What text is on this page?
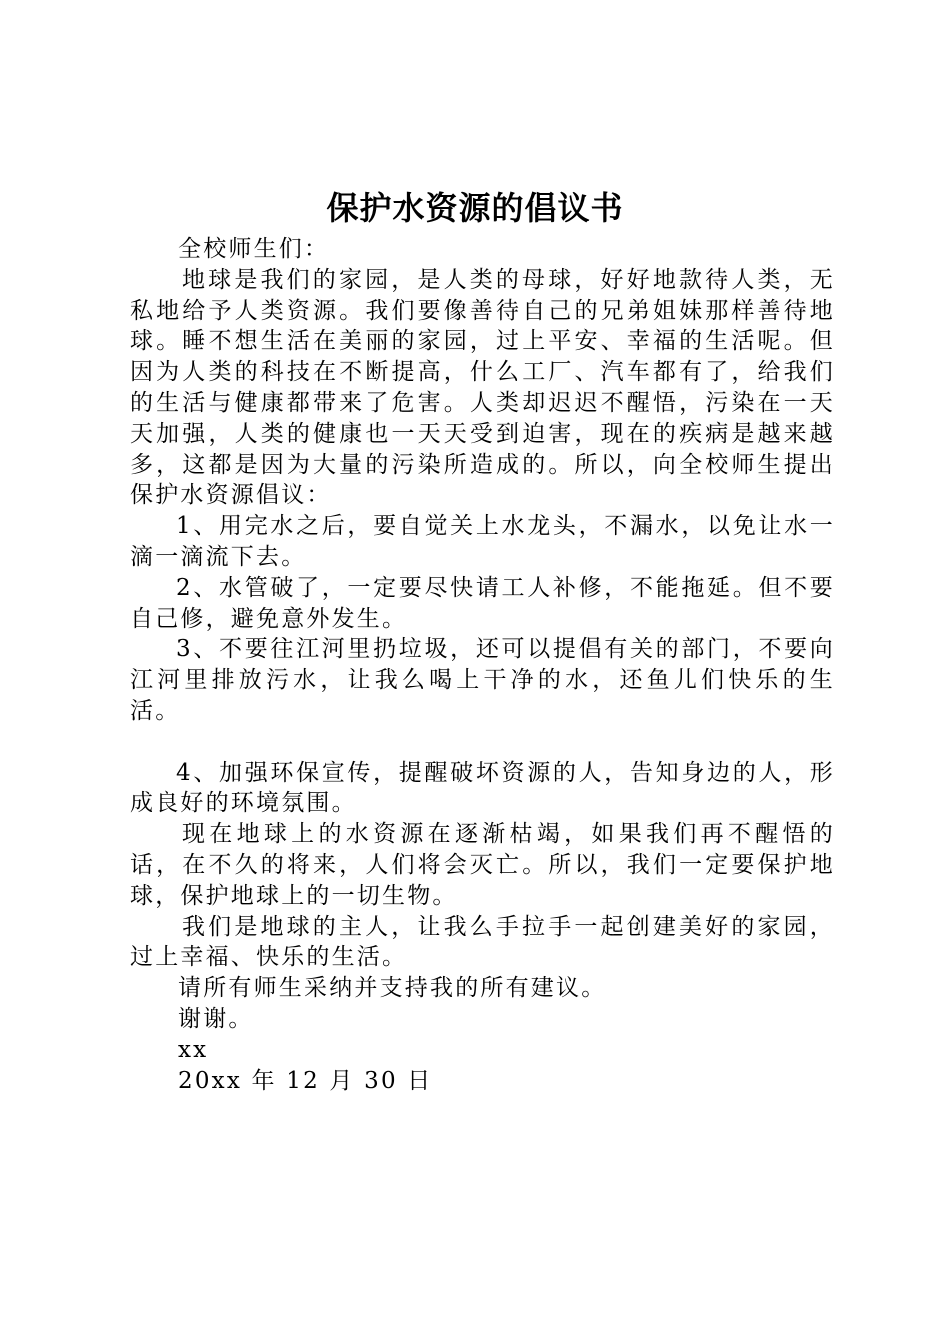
保护水资源的倡议书

全校师生们：

地球是我们的家园，是人类的母球，好好地款待人类，无私地给予人类资源。我们要像善待自己的兄弟姐妹那样善待地球。睡不想生活在美丽的家园，过上平安、幸福的生活呢。但因为人类的科技在不断提高，什么工厂、汽车都有了，给我们的生活与健康都带来了危害。人类却迟迟不醒悟，污染在一天天加强，人类的健康也一天天受到迫害，现在的疾病是越来越多，这都是因为大量的污染所造成的。所以，向全校师生提出保护水资源倡议：

1、用完水之后，要自觉关上水龙头，不漏水，以免让水一滴一滴流下去。

2、水管破了，一定要尽快请工人补修，不能拖延。但不要自己修，避免意外发生。

3、不要往江河里扔垃圾，还可以提倡有关的部门，不要向江河里排放污水，让我么喝上干净的水，还鱼儿们快乐的生活。

4、加强环保宣传，提醒破坏资源的人，告知身边的人，形成良好的环境氛围。

现在地球上的水资源在逐渐枯竭，如果我们再不醒悟的话，在不久的将来，人们将会灭亡。所以，我们一定要保护地球，保护地球上的一切生物。

我们是地球的主人，让我么手拉手一起创建美好的家园，过上幸福、快乐的生活。

请所有师生采纳并支持我的所有建议。

谢谢。

xx

20xx 年 12 月 30 日
